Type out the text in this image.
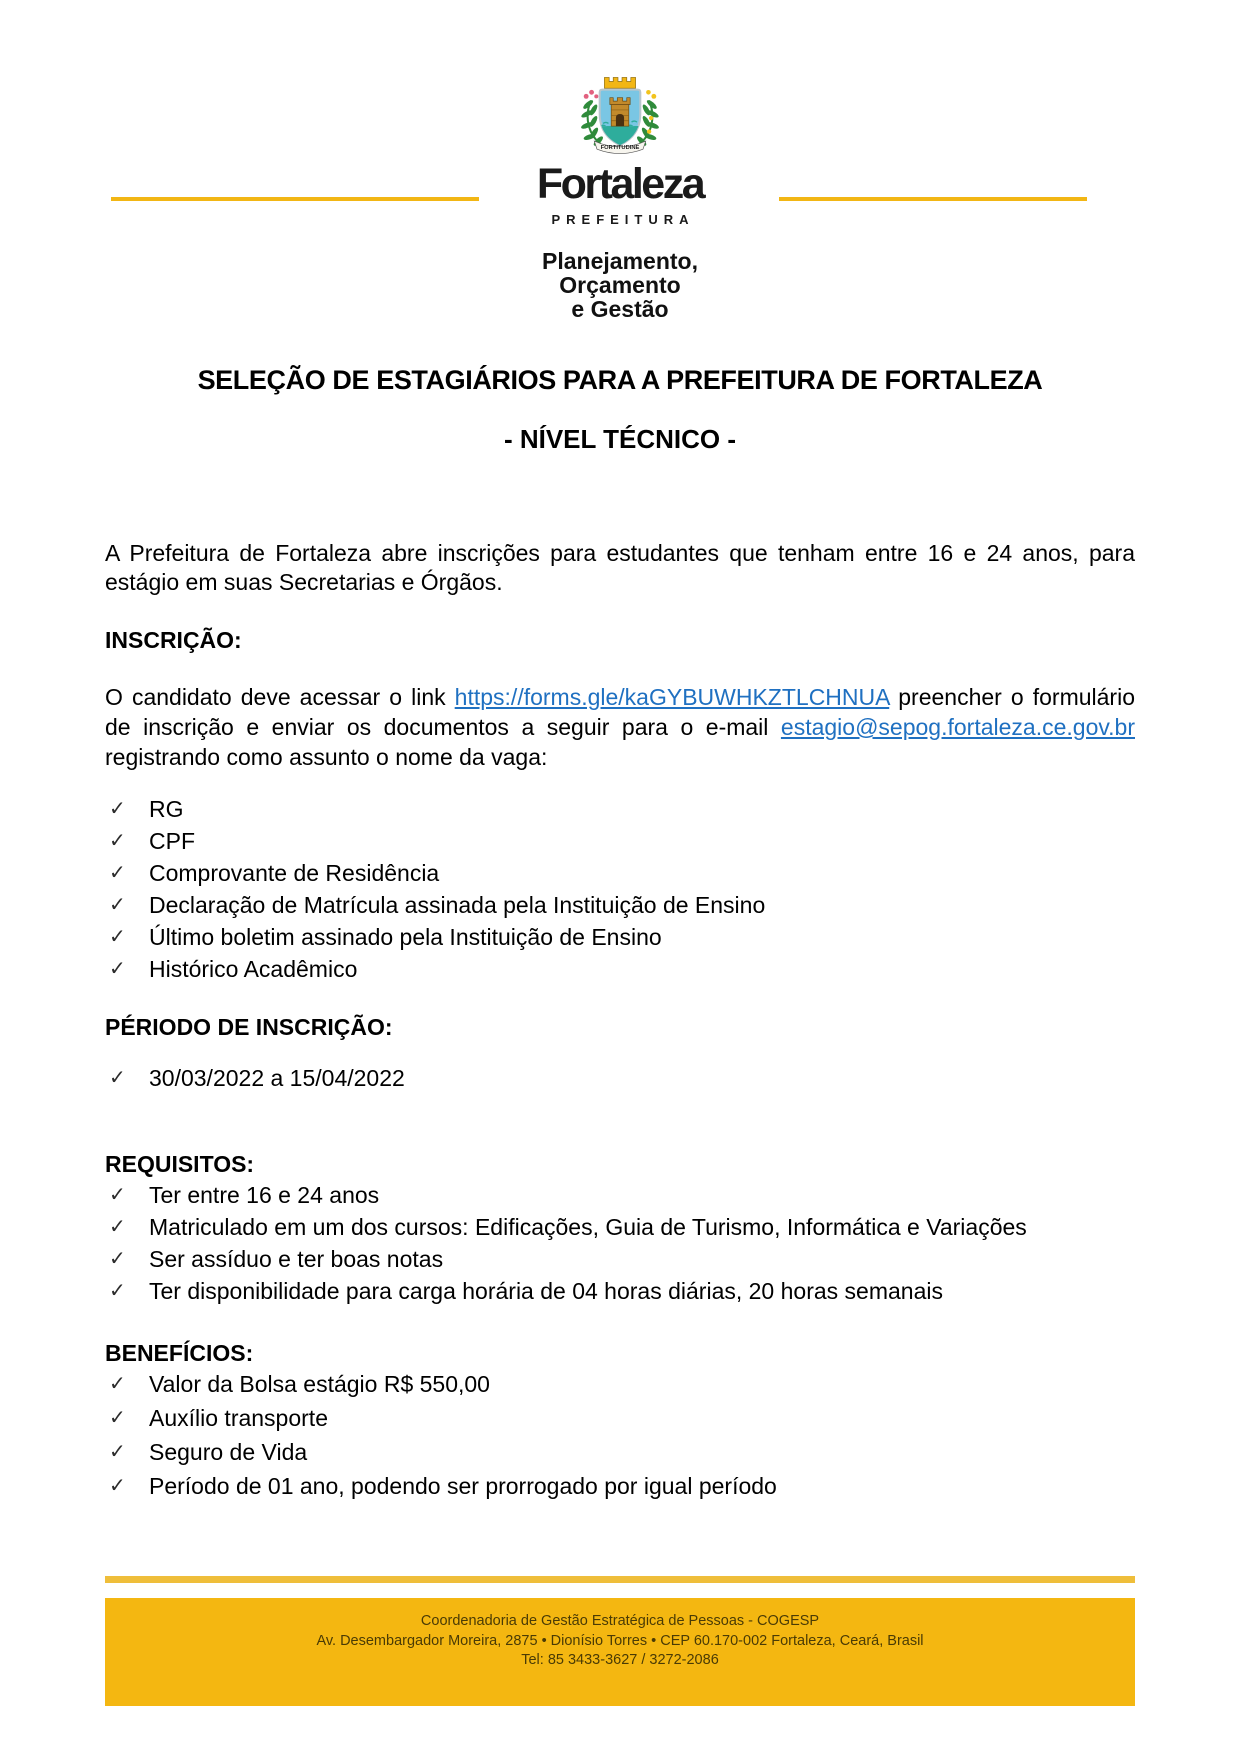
FORTITUDINE
Fortaleza
PREFEITURA
Planejamento,
Orçamento
e Gestão
SELEÇÃO DE ESTAGIÁRIOS PARA A PREFEITURA DE FORTALEZA
- NÍVEL TÉCNICO -

A Prefeitura de Fortaleza abre inscrições para estudantes que tenham entre 16 e 24 anos, para estágio em suas Secretarias e Órgãos.

INSCRIÇÃO:

O candidato deve acessar o link https://forms.gle/kaGYBUWHKZTLCHNUA preencher o formulário de inscrição e enviar os documentos a seguir para o e-mail estagio@sepog.fortaleza.ce.gov.br registrando como assunto o nome da vaga:

✓ RG
✓ CPF
✓ Comprovante de Residência
✓ Declaração de Matrícula assinada pela Instituição de Ensino
✓ Último boletim assinado pela Instituição de Ensino
✓ Histórico Acadêmico
PÉRIODO DE INSCRIÇÃO:
✓ 30/03/2022 a 15/04/2022
REQUISITOS:
✓ Ter entre 16 e 24 anos
✓ Matriculado em um dos cursos: Edificações, Guia de Turismo, Informática e Variações
✓ Ser assíduo e ter boas notas
✓ Ter disponibilidade para carga horária de 04 horas diárias, 20 horas semanais
BENEFÍCIOS:
✓ Valor da Bolsa estágio R$ 550,00
✓ Auxílio transporte
✓ Seguro de Vida
✓ Período de 01 ano, podendo ser prorrogado por igual período
Coordenadoria de Gestão Estratégica de Pessoas - COGESP
Av. Desembargador Moreira, 2875 • Dionísio Torres • CEP 60.170-002 Fortaleza, Ceará, Brasil
Tel: 85 3433-3627 / 3272-2086
